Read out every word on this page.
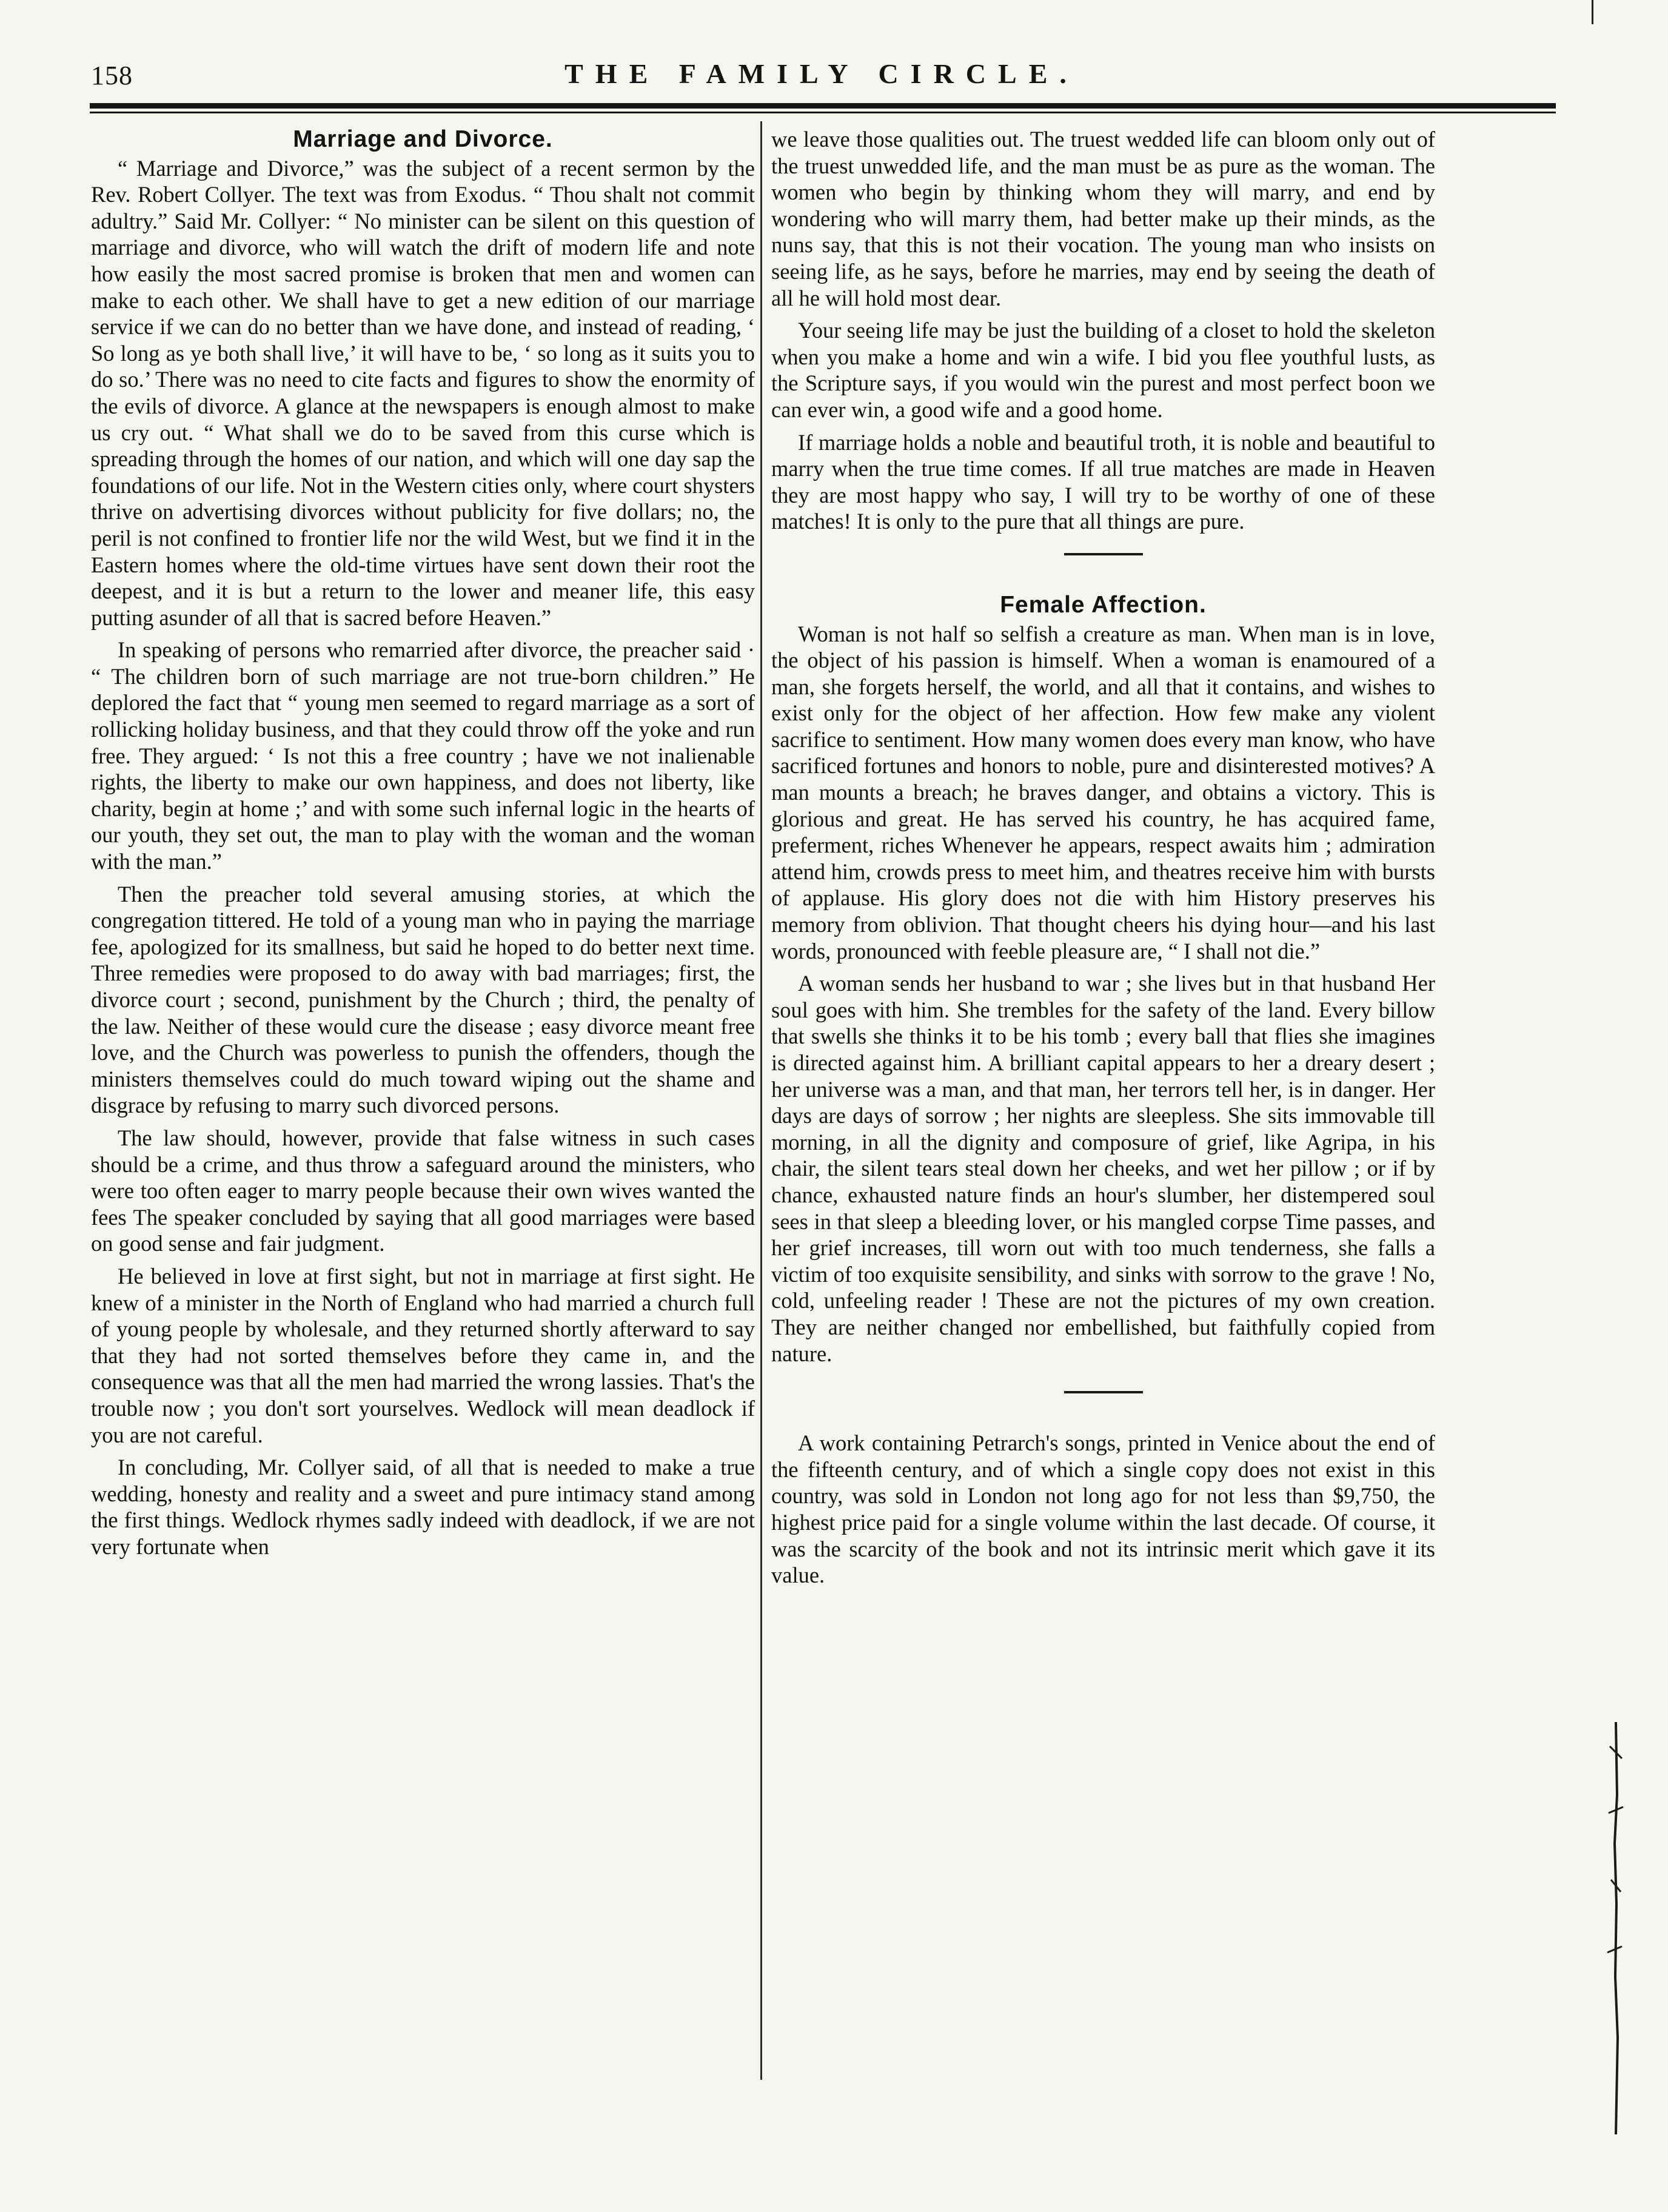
158	THE FAMILY CIRCLE.
Marriage and Divorce.

“ Marriage and Divorce,” was the subject of a recent sermon by the Rev. Robert Collyer. The text was from Exodus. “ Thou shalt not commit adultry.” Said Mr. Collyer: “ No minister can be silent on this question of marriage and divorce, who will watch the drift of modern life and note how easily the most sacred promise is broken that men and women can make to each other. We shall have to get a new edition of our marriage service if we can do no better than we have done, and instead of reading, ‘ So long as ye both shall live,’ it will have to be, ‘ so long as it suits you to do so.’ There was no need to cite facts and figures to show the enormity of the evils of divorce. A glance at the newspapers is enough almost to make us cry out. “ What shall we do to be saved from this curse which is spreading through the homes of our nation, and which will one day sap the foundations of our life. Not in the Western cities only, where court shysters thrive on advertising divorces without publicity for five dollars; no, the peril is not confined to frontier life nor the wild West, but we find it in the Eastern homes where the old-time virtues have sent down their root the deepest, and it is but a return to the lower and meaner life, this easy putting asunder of all that is sacred before Heaven.”

In speaking of persons who remarried after divorce, the preacher said · “ The children born of such marriage are not true-born children.” He deplored the fact that “ young men seemed to regard marriage as a sort of rollicking holiday business, and that they could throw off the yoke and run free. They argued: ‘ Is not this a free country ; have we not inalienable rights, the liberty to make our own happiness, and does not liberty, like charity, begin at home ;’ and with some such infernal logic in the hearts of our youth, they set out, the man to play with the woman and the woman with the man.”

Then the preacher told several amusing stories, at which the congregation tittered. He told of a young man who in paying the marriage fee, apologized for its smallness, but said he hoped to do better next time. Three remedies were proposed to do away with bad marriages; first, the divorce court ; second, punishment by the Church ; third, the penalty of the law. Neither of these would cure the disease ; easy divorce meant free love, and the Church was powerless to punish the offenders, though the ministers themselves could do much toward wiping out the shame and disgrace by refusing to marry such divorced persons.

The law should, however, provide that false witness in such cases should be a crime, and thus throw a safeguard around the ministers, who were too often eager to marry people because their own wives wanted the fees The speaker concluded by saying that all good marriages were based on good sense and fair judgment.

He believed in love at first sight, but not in marriage at first sight. He knew of a minister in the North of England who had married a church full of young people by wholesale, and they returned shortly afterward to say that they had not sorted themselves before they came in, and the consequence was that all the men had married the wrong lassies. That's the trouble now ; you don't sort yourselves. Wedlock will mean deadlock if you are not careful.

In concluding, Mr. Collyer said, of all that is needed to make a true wedding, honesty and reality and a sweet and pure intimacy stand among the first things. Wedlock rhymes sadly indeed with deadlock, if we are not very fortunate when

we leave those qualities out. The truest wedded life can bloom only out of the truest unwedded life, and the man must be as pure as the woman. The women who begin by thinking whom they will marry, and end by wondering who will marry them, had better make up their minds, as the nuns say, that this is not their vocation. The young man who insists on seeing life, as he says, before he marries, may end by seeing the death of all he will hold most dear.

Your seeing life may be just the building of a closet to hold the skeleton when you make a home and win a wife. I bid you flee youthful lusts, as the Scripture says, if you would win the purest and most perfect boon we can ever win, a good wife and a good home.

If marriage holds a noble and beautiful troth, it is noble and beautiful to marry when the true time comes. If all true matches are made in Heaven they are most happy who say, I will try to be worthy of one of these matches! It is only to the pure that all things are pure.

Female Affection.

Woman is not half so selfish a creature as man. When man is in love, the object of his passion is himself. When a woman is enamoured of a man, she forgets herself, the world, and all that it contains, and wishes to exist only for the object of her affection. How few make any violent sacrifice to sentiment. How many women does every man know, who have sacrificed fortunes and honors to noble, pure and disinterested motives? A man mounts a breach; he braves danger, and obtains a victory. This is glorious and great. He has served his country, he has acquired fame, preferment, riches Whenever he appears, respect awaits him ; admiration attend him, crowds press to meet him, and theatres receive him with bursts of applause. His glory does not die with him History preserves his memory from oblivion. That thought cheers his dying hour—and his last words, pronounced with feeble pleasure are, “ I shall not die.”

A woman sends her husband to war ; she lives but in that husband Her soul goes with him. She trembles for the safety of the land. Every billow that swells she thinks it to be his tomb ; every ball that flies she imagines is directed against him. A brilliant capital appears to her a dreary desert ; her universe was a man, and that man, her terrors tell her, is in danger. Her days are days of sorrow ; her nights are sleepless. She sits immovable till morning, in all the dignity and composure of grief, like Agripa, in his chair, the silent tears steal down her cheeks, and wet her pillow ; or if by chance, exhausted nature finds an hour's slumber, her distempered soul sees in that sleep a bleeding lover, or his mangled corpse Time passes, and her grief increases, till worn out with too much tenderness, she falls a victim of too exquisite sensibility, and sinks with sorrow to the grave ! No, cold, unfeeling reader ! These are not the pictures of my own creation. They are neither changed nor embellished, but faithfully copied from nature.

A work containing Petrarch's songs, printed in Venice about the end of the fifteenth century, and of which a single copy does not exist in this country, was sold in London not long ago for not less than $9,750, the highest price paid for a single volume within the last decade. Of course, it was the scarcity of the book and not its intrinsic merit which gave it its value.
